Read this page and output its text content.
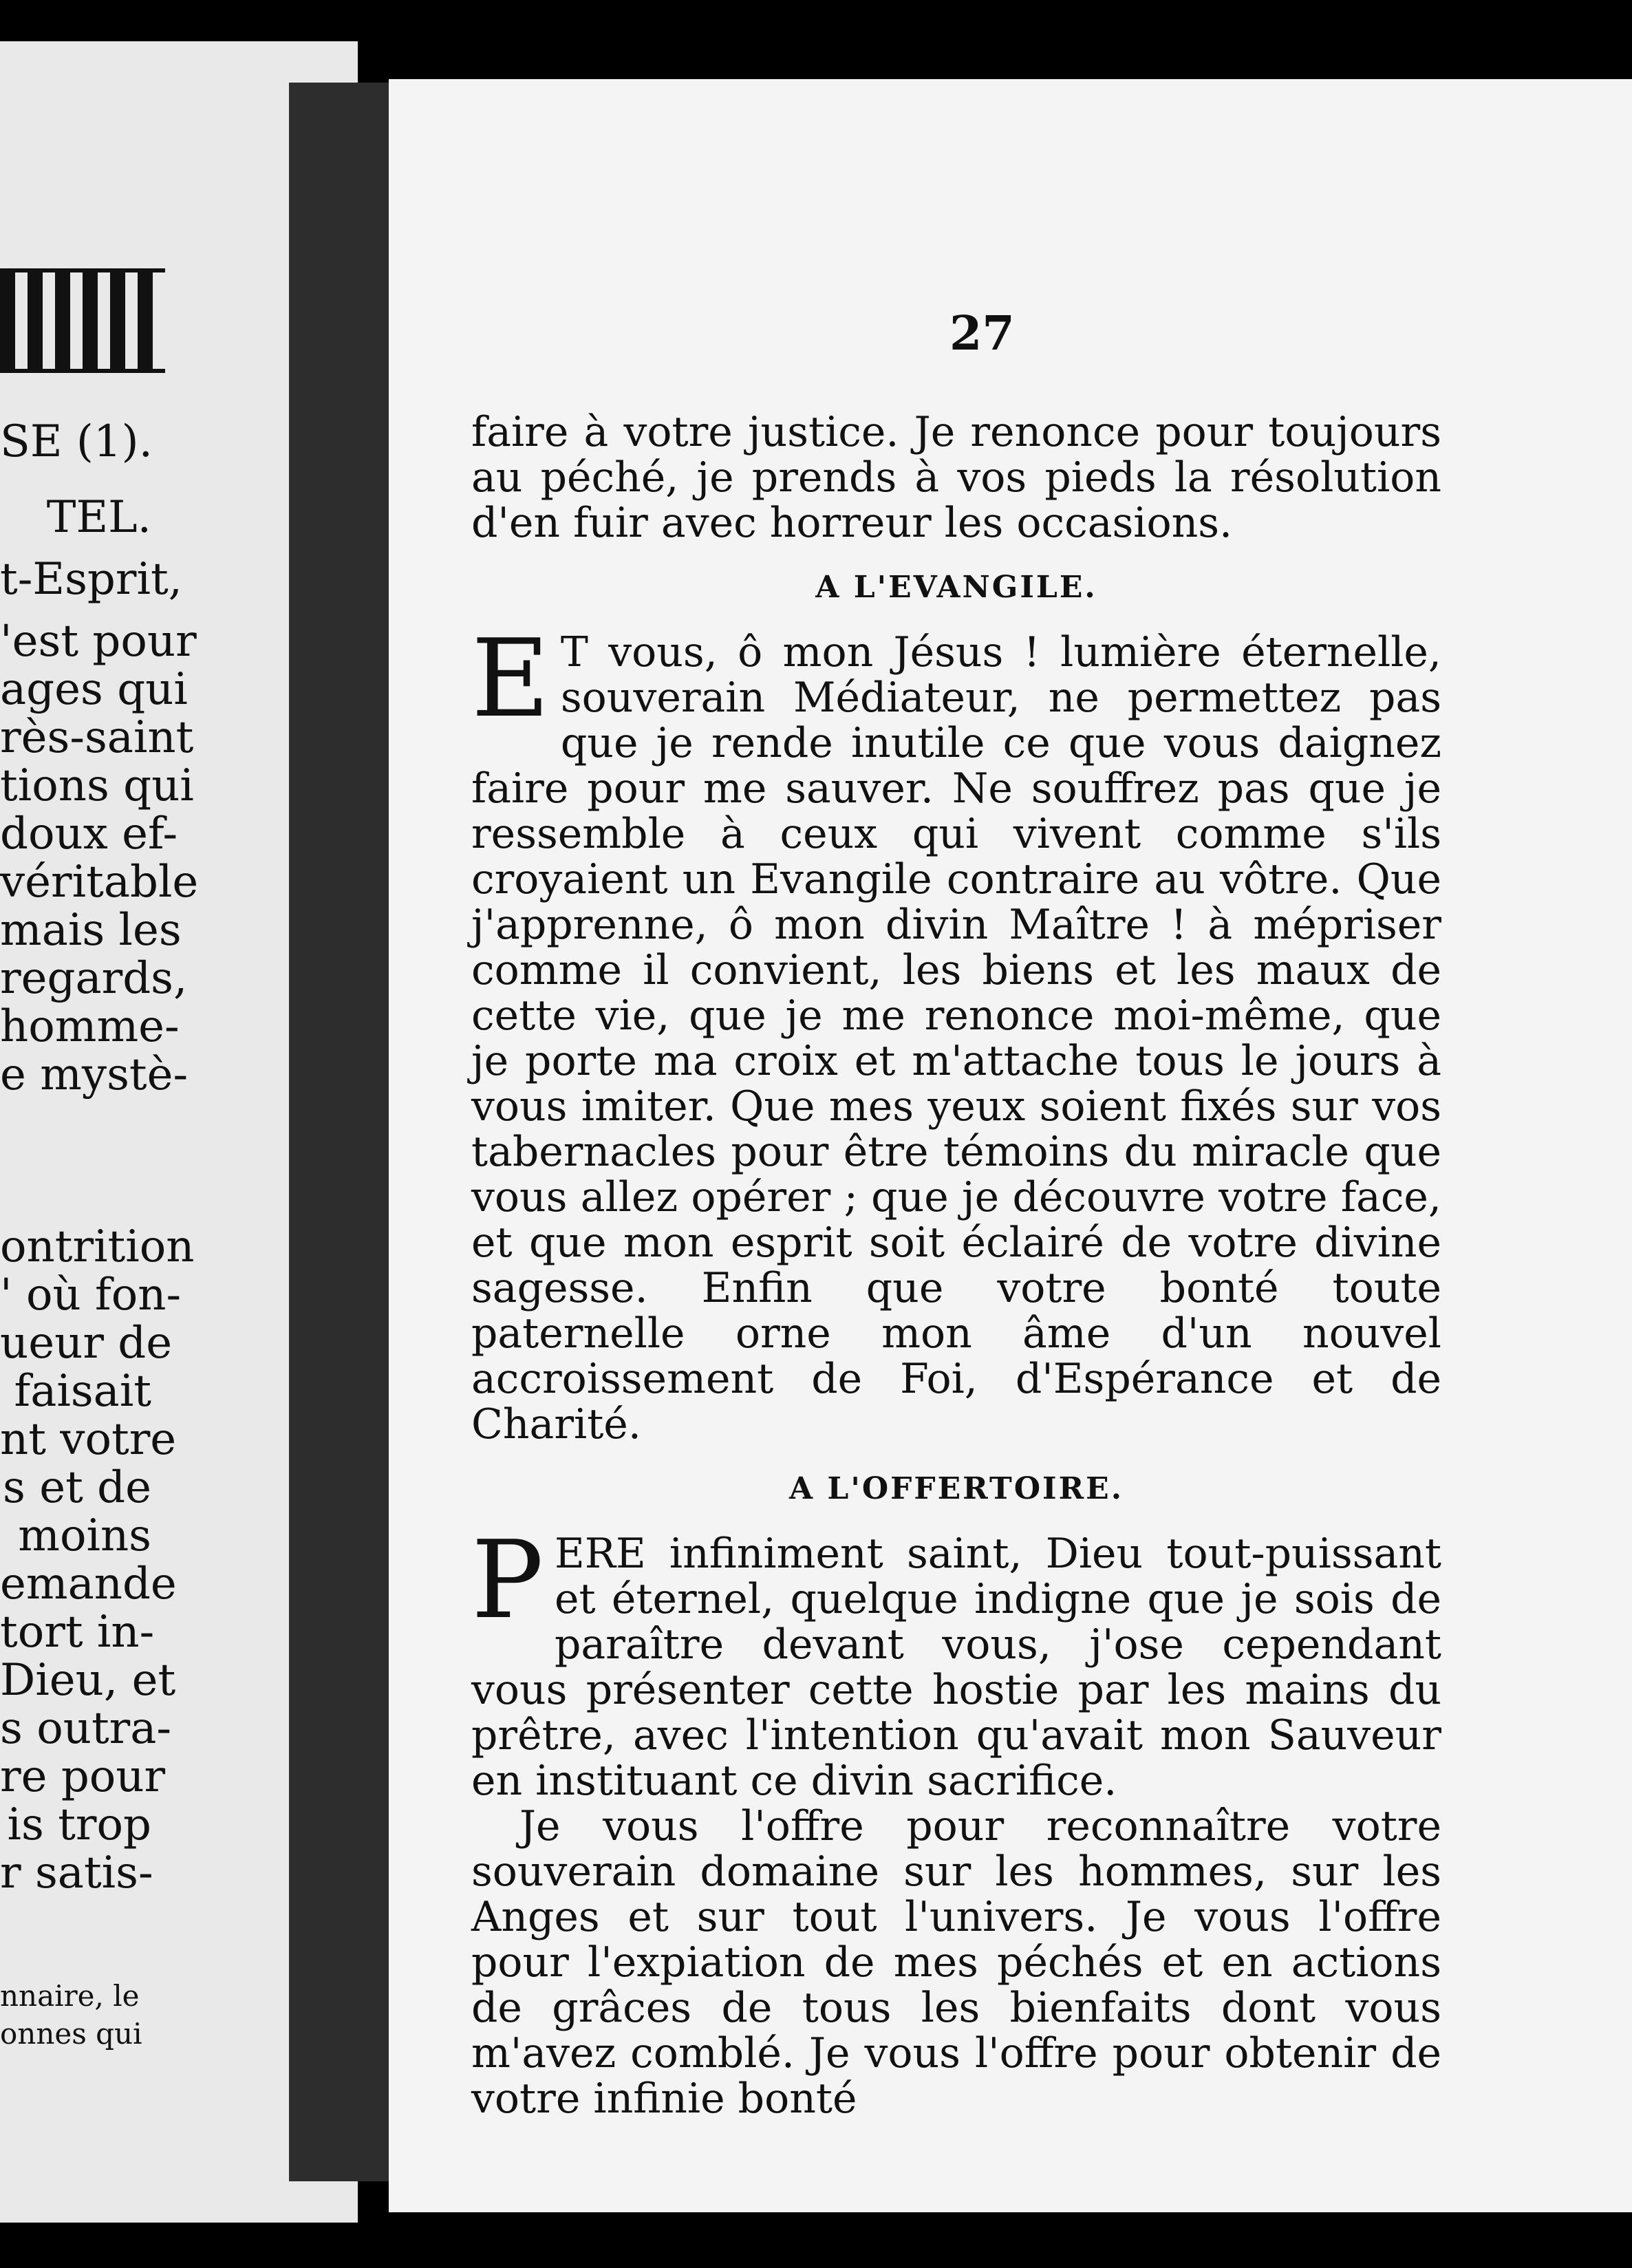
SE (1).
TEL.
t-Esprit,
'est pour
ages qui
rès-saint
tions qui
doux ef-
véritable
mais les
regards,
homme-
e mystè-
ontrition
' où fon-
ueur de
faisait
nt votre
s et de
moins
emande
tort in-
Dieu, et
s outra-
re pour
is trop
r satis-
nnaire, le
onnes qui
27

faire à votre justice. Je renonce pour toujours au péché, je prends à vos pieds la résolution d'en fuir avec horreur les occasions.

A L'EVANGILE.

E T vous, ô mon Jésus ! lumière éternelle, souverain Médiateur, ne permettez pas que je rende inutile ce que vous daignez faire pour me sauver. Ne souffrez pas que je ressemble à ceux qui vivent comme s'ils croyaient un Evangile contraire au vôtre. Que j'apprenne, ô mon divin Maître ! à mépriser comme il convient, les biens et les maux de cette vie, que je me renonce moi-même, que je porte ma croix et m'attache tous le jours à vous imiter. Que mes yeux soient fixés sur vos tabernacles pour être témoins du miracle que vous allez opérer ; que je découvre votre face, et que mon esprit soit éclairé de votre divine sagesse. Enfin que votre bonté toute paternelle orne mon âme d'un nouvel accroissement de Foi, d'Espérance et de Charité.

A L'OFFERTOIRE.

PERE infiniment saint, Dieu tout-puissant et éternel, quelque indigne que je sois de paraître devant vous, j'ose cependant vous présenter cette hostie par les mains du prêtre, avec l'intention qu'avait mon Sauveur en instituant ce divin sacrifice.

Je vous l'offre pour reconnaître votre souverain domaine sur les hommes, sur les Anges et sur tout l'univers. Je vous l'offre pour l'expiation de mes péchés et en actions de grâces de tous les bienfaits dont vous m'avez comblé. Je vous l'offre pour obtenir de votre infinie bonté
